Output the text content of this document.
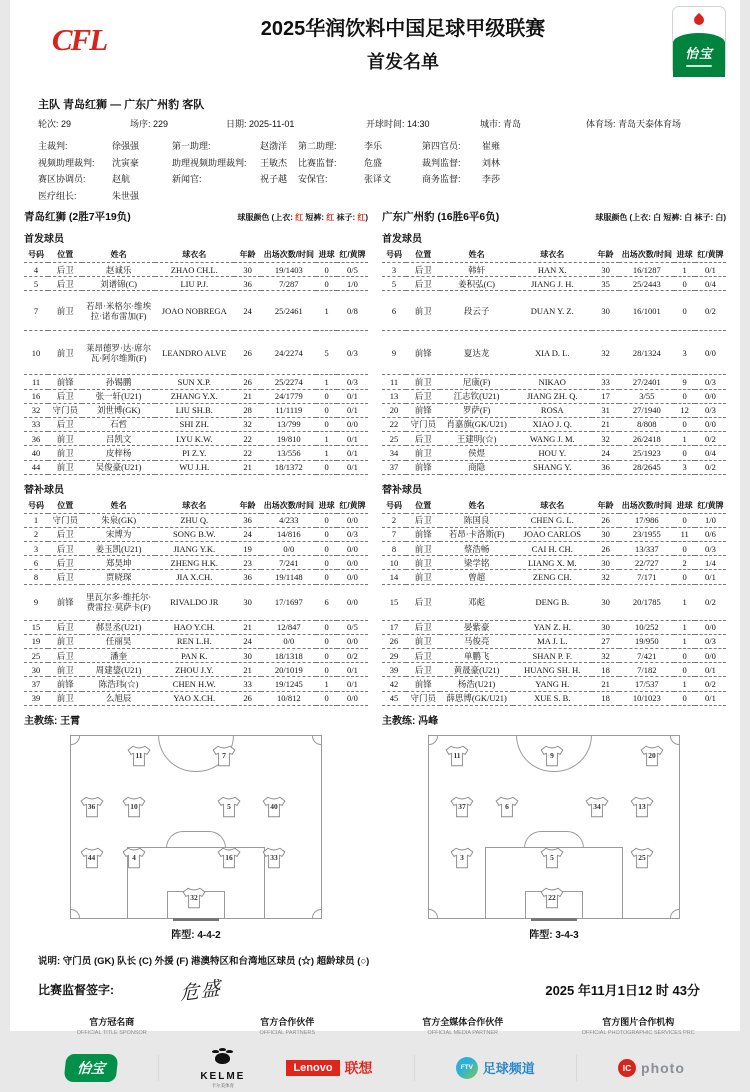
CFL	2025华润饮料中国足球甲级联赛
首发名单	怡宝
主队 青岛红狮 — 广东广州豹 客队
轮次: 29	场序: 229	日期: 2025-11-01	开球时间: 14:30	城市: 青岛	体育场: 青岛天泰体育场
主裁判:	徐强强	第一助理:	赵渤洋	第二助理:	李乐	第四官员:	崔雍
视频助理裁判:	沈寅豪	助理视频助理裁判:	王敏杰	比赛监督:	危盛	裁判监督:	刘林
赛区协调员:	赵航	新闻官:	祝子越	安保官:	张译文	商务监督:	李莎
医疗组长:	朱世强
青岛红狮 (2胜7平19负)	球服颜色 (上衣: 红 短裤: 红 袜子: 红)
首发球员
号码	位置	姓名	球衣名	年龄	出场次数/时间	进球	红/黄牌
4	后卫	赵诚乐	ZHAO CH.L.	30	19/1403	0	0/5
5	后卫	刘谱锦(C)	LIU P.J.	36	7/287	0	1/0
7	前卫	若昂·米格尔·维埃拉·诺布雷加(F)	JOAO NOBREGA	24	25/2461	1	0/8
10	前卫	莱昂德罗·达·席尔瓦·阿尔维斯(F)	LEANDRO ALVE	26	24/2274	5	0/3
11	前锋	孙锡鹏	SUN X.P.	26	25/2274	1	0/3
16	后卫	张一轩(U21)	ZHANG Y.X.	21	24/1779	0	0/1
32	守门员	刘世博(GK)	LIU SH.B.	28	11/1119	0	0/1
33	后卫	石哲	SHI ZH.	32	13/799	0	0/0
36	前卫	吕凯文	LYU K.W.	22	19/810	1	0/1
40	前卫	皮梓杨	PI Z.Y.	22	13/556	1	0/1
44	前卫	吴俊豪(U21)	WU J.H.	21	18/1372	0	0/1
替补球员
号码	位置	姓名	球衣名	年龄	出场次数/时间	进球	红/黄牌
1	守门员	朱泉(GK)	ZHU Q.	36	4/233	0	0/0
2	后卫	宋博为	SONG B.W.	24	14/816	0	0/3
3	后卫	姜玉凯(U21)	JIANG Y.K.	19	0/0	0	0/0
6	后卫	郑昊坤	ZHENG H.K.	23	7/241	0	0/0
8	后卫	贾晓琛	JIA X.CH.	36	19/1148	0	0/0
9	前锋	里瓦尔多·维托尔·费雷拉·莫萨卡(F)	RIVALDO JR	30	17/1697	6	0/0
15	后卫	郝昱丞(U21)	HAO Y.CH.	21	12/847	0	0/5
19	前卫	任丽昊	REN L.H.	24	0/0	0	0/0
25	后卫	潘奎	PAN K.	30	18/1318	0	0/2
30	前卫	周建鋆(U21)	ZHOU J.Y.	21	20/1019	0	0/1
37	前锋	陈浩玮(☆)	CHEN H.W.	33	19/1245	1	0/1
39	前卫	么旭辰	YAO X.CH.	26	10/812	0	0/0
主教练: 王霄
11	7
36	10	5	40
44	4	16	33
32
阵型: 4-4-2
广东广州豹 (16胜6平6负)	球服颜色 (上衣: 白 短裤: 白 袜子: 白)
首发球员
号码	位置	姓名	球衣名	年龄	出场次数/时间	进球	红/黄牌
3	后卫	韩轩	HAN X.	30	16/1287	1	0/1
5	后卫	姜积弘(C)	JIANG J. H.	35	25/2443	0	0/4
6	前卫	段云子	DUAN Y. Z.	30	16/1001	0	0/2
9	前锋	夏达龙	XIA D. L.	32	28/1324	3	0/0
11	前卫	尼康(F)	NIKAO	33	27/2401	9	0/3
13	后卫	江志钦(U21)	JIANG ZH. Q.	17	3/55	0	0/0
20	前锋	罗萨(F)	ROSA	31	27/1940	12	0/3
22	守门员	肖嘉旗(GK/U21)	XIAO J. Q.	21	8/808	0	0/0
25	后卫	王建明(☆)	WANG J. M.	32	26/2418	1	0/2
34	前卫	侯煜	HOU Y.	24	25/1923	0	0/4
37	前锋	商隐	SHANG Y.	36	28/2645	3	0/2
替补球员
号码	位置	姓名	球衣名	年龄	出场次数/时间	进球	红/黄牌
2	后卫	陈国良	CHEN G. L.	26	17/986	0	1/0
7	前锋	若昂·卡洛斯(F)	JOAO CARLOS	30	23/1955	11	0/6
8	前卫	蔡浩畅	CAI H. CH.	26	13/337	0	0/3
10	前卫	梁学铭	LIANG X. M.	30	22/727	2	1/4
14	前卫	曾超	ZENG CH.	32	7/171	0	0/1
15	后卫	邓彪	DENG B.	30	20/1785	1	0/2
17	后卫	晏紫豪	YAN Z. H.	30	10/252	1	0/0
26	前卫	马俊亮	MA J. L.	27	19/950	1	0/3
29	后卫	单鹏飞	SHAN P. F.	32	7/421	0	0/0
39	后卫	黄晟豪(U21)	HUANG SH. H.	18	7/182	0	0/1
42	前锋	杨浩(U21)	YANG H.	21	17/537	1	0/2
45	守门员	薛思博(GK/U21)	XUE S. B.	18	10/1023	0	0/1
主教练: 冯峰
11	9	20
37	6	34	13
3	5	25
22
阵型: 3-4-3
说明: 守门员 (GK) 队长 (C) 外援 (F) 港澳特区和台湾地区球员 (☆) 超龄球员 (○)
比赛监督签字:	危盛	2025 年11月1日12 时 43分
官方冠名商
OFFICIAL TITLE SPONSOR
官方合作伙伴
OFFICIAL PARTNERS
官方全媒体合作伙伴
OFFICIAL MEDIA PARTNER
官方图片合作机构
OFFICIAL PHOTOGRAPHIC SERVICES PRC
怡宝
KELME
卡尔美体育
Lenovo 联想	FTV 足球频道	IC photo
